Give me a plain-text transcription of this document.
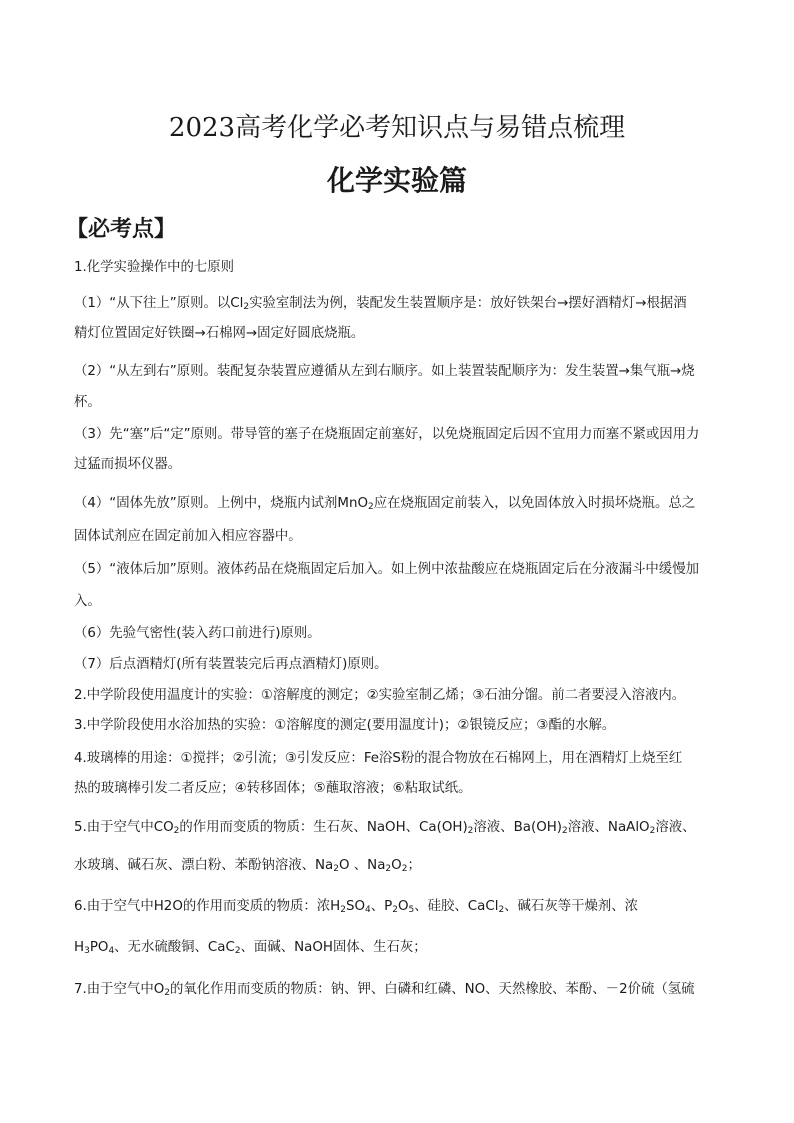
2023高考化学必考知识点与易错点梳理
化学实验篇
【必考点】
1.化学实验操作中的七原则
（1）“从下往上”原则。以$Cl_2$实验室制法为例，装配发生装置顺序是：放好铁架台→摆好酒精灯→根据酒
精灯位置固定好铁圈→石棉网→固定好圆底烧瓶。
（2）“从左到右”原则。装配复杂装置应遵循从左到右顺序。如上装置装配顺序为：发生装置→集气瓶→烧
杯。
（3）先“塞”后“定”原则。带导管的塞子在烧瓶固定前塞好，以免烧瓶固定后因不宜用力而塞不紧或因用力
过猛而损坏仪器。
（4）“固体先放”原则。上例中，烧瓶内试剂MnO$_2$应在烧瓶固定前装入，以免固体放入时损坏烧瓶。总之
固体试剂应在固定前加入相应容器中。
（5）“液体后加”原则。液体药品在烧瓶固定后加入。如上例中浓盐酸应在烧瓶固定后在分液漏斗中缓慢加
入。
（6）先验气密性(装入药口前进行)原则。
（7）后点酒精灯(所有装置装完后再点酒精灯)原则。
2.中学阶段使用温度计的实验：①溶解度的测定；②实验室制乙烯；③石油分馏。前二者要浸入溶液内。
3.中学阶段使用水浴加热的实验：①溶解度的测定(要用温度计)；②银镜反应；③酯的水解。
4.玻璃棒的用途：①搅拌；②引流；③引发反应：Fe浴S粉的混合物放在石棉网上，用在酒精灯上烧至红
热的玻璃棒引发二者反应；④转移固体；⑤蘸取溶液；⑥粘取试纸。
5.由于空气中$CO_2$的作用而变质的物质：生石灰、NaOH、$Ca(OH)_2$溶液、$Ba(OH)_2$溶液、NaAlO$_2$溶液、
水玻璃、碱石灰、漂白粉、苯酚钠溶液、$Na_2O$ 、$Na_2O_2$；
6.由于空气中H2O的作用而变质的物质：浓$H_2SO_4$、$P_2O_5$、硅胶、CaCl$_2$、碱石灰等干燥剂、浓
$H_3PO_4$、无水硫酸铜、CaC$_2$、面碱、NaOH固体、生石灰；
7.由于空气中$O_2$的氧化作用而变质的物质：钠、钾、白磷和红磷、NO、天然橡胶、苯酚、－2价硫（氢硫
